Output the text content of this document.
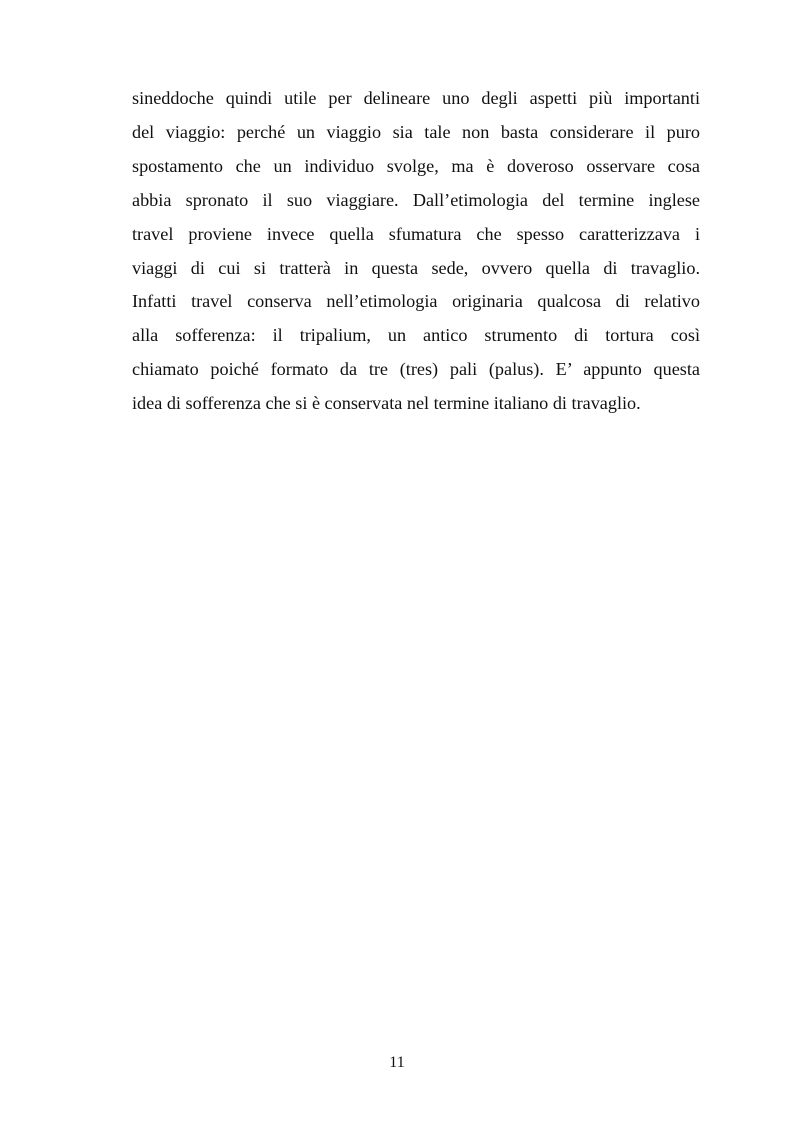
sineddoche quindi utile per delineare uno degli aspetti più importanti
del viaggio: perché un viaggio sia tale non basta considerare il puro
spostamento che un individuo svolge, ma è doveroso osservare cosa
abbia spronato il suo viaggiare. Dall’etimologia del termine inglese
travel proviene invece quella sfumatura che spesso caratterizzava i
viaggi di cui si tratterà in questa sede, ovvero quella di travaglio.
Infatti travel conserva nell’etimologia originaria qualcosa di relativo
alla sofferenza: il tripalium, un antico strumento di tortura così
chiamato poiché formato da tre (tres) pali (palus). E’ appunto questa
idea di sofferenza che si è conservata nel termine italiano di travaglio.

11
